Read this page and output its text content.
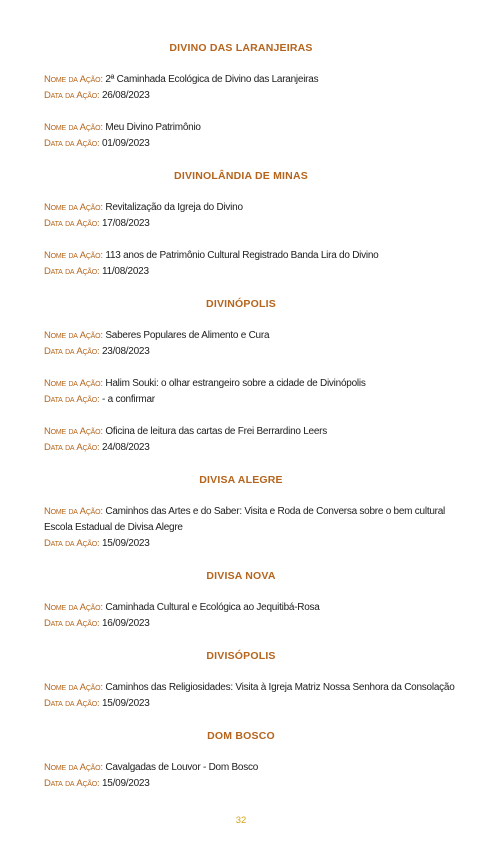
DIVINO DAS LARANJEIRAS
Nome da Ação: 2ª Caminhada Ecológica de Divino das Laranjeiras
Data da Ação: 26/08/2023
Nome da Ação: Meu Divino Patrimônio
Data da Ação: 01/09/2023
DIVINOLÂNDIA DE MINAS
Nome da Ação: Revitalização da Igreja do Divino
Data da Ação: 17/08/2023
Nome da Ação: 113 anos de Patrimônio Cultural Registrado Banda Lira do Divino
Data da Ação: 11/08/2023
DIVINÓPOLIS
Nome da Ação: Saberes Populares de Alimento e Cura
Data da Ação: 23/08/2023
Nome da Ação: Halim Souki: o olhar estrangeiro sobre a cidade de Divinópolis
Data da Ação: - a confirmar
Nome da Ação: Oficina de leitura das cartas de Frei Berrardino Leers
Data da Ação: 24/08/2023
DIVISA ALEGRE
Nome da Ação: Caminhos das Artes e do Saber: Visita e Roda de Conversa sobre o bem cultural
Escola Estadual de Divisa Alegre
Data da Ação: 15/09/2023
DIVISA NOVA
Nome da Ação: Caminhada Cultural e Ecológica ao Jequitibá-Rosa
Data da Ação: 16/09/2023
DIVISÓPOLIS
Nome da Ação: Caminhos das Religiosidades: Visita à Igreja Matriz Nossa Senhora da Consolação
Data da Ação: 15/09/2023
DOM BOSCO
Nome da Ação: Cavalgadas de Louvor - Dom Bosco
Data da Ação: 15/09/2023
32
